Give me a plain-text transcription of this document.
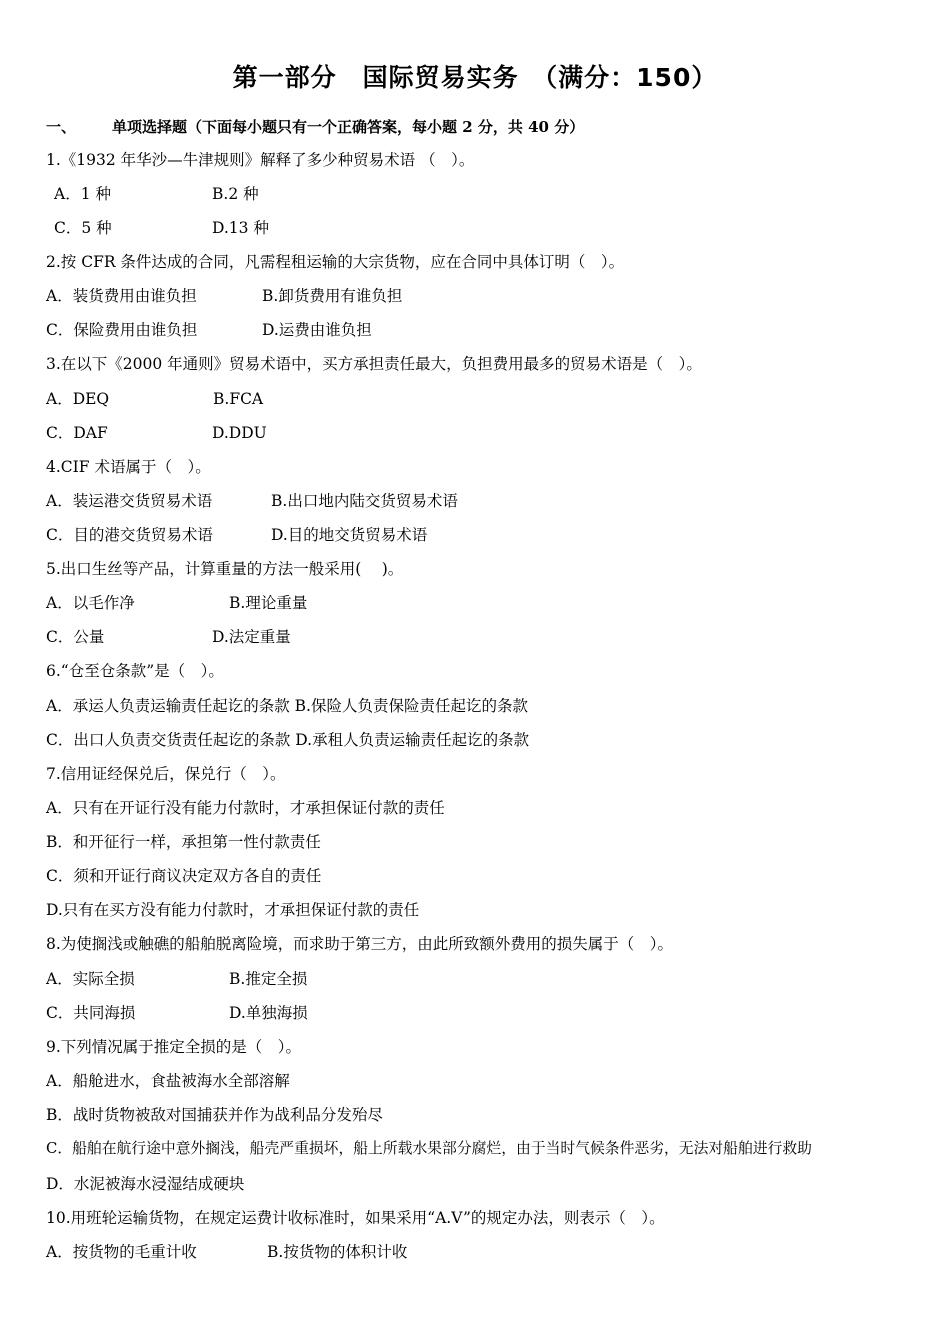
第一部分　国际贸易实务　（满分：150）
一、 单项选择题（下面每小题只有一个正确答案，每小题 2 分，共 40 分）
1.《1932 年华沙—牛津规则》解释了多少种贸易术语 （　）。
A．1 种	B.2 种
C．5 种	D.13 种
2.按 CFR 条件达成的合同，凡需程租运输的大宗货物，应在合同中具体订明（　）。
A．装货费用由谁负担	B.卸货费用有谁负担
C．保险费用由谁负担	D.运费由谁负担
3.在以下《2000 年通则》贸易术语中，买方承担责任最大，负担费用最多的贸易术语是（　）。
A．DEQ	B.FCA
C．DAF	D.DDU
4.CIF 术语属于（　）。
A．装运港交货贸易术语	B.出口地内陆交货贸易术语
C．目的港交货贸易术语	D.目的地交货贸易术语
5.出口生丝等产品，计算重量的方法一般采用(　 )。
A．以毛作净	B.理论重量
C．公量	D.法定重量
6.“仓至仓条款”是（　）。
A．承运人负责运输责任起讫的条款 B.保险人负责保险责任起讫的条款
C．出口人负责交货责任起讫的条款 D.承租人负责运输责任起讫的条款
7.信用证经保兑后，保兑行（　）。
A．只有在开证行没有能力付款时，才承担保证付款的责任
B．和开征行一样，承担第一性付款责任
C．须和开证行商议决定双方各自的责任
D.只有在买方没有能力付款时，才承担保证付款的责任
8.为使搁浅或触礁的船舶脱离险境，而求助于第三方，由此所致额外费用的损失属于（　）。
A．实际全损	B.推定全损
C．共同海损	D.单独海损
9.下列情况属于推定全损的是（　）。
A．船舱进水，食盐被海水全部溶解
B．战时货物被敌对国捕获并作为战利品分发殆尽
C．船舶在航行途中意外搁浅，船壳严重损坏，船上所载水果部分腐烂，由于当时气候条件恶劣，无法对船舶进行救助
D．水泥被海水浸湿结成硬块
10.用班轮运输货物，在规定运费计收标准时，如果采用“A.V”的规定办法，则表示（　）。
A．按货物的毛重计收	B.按货物的体积计收
